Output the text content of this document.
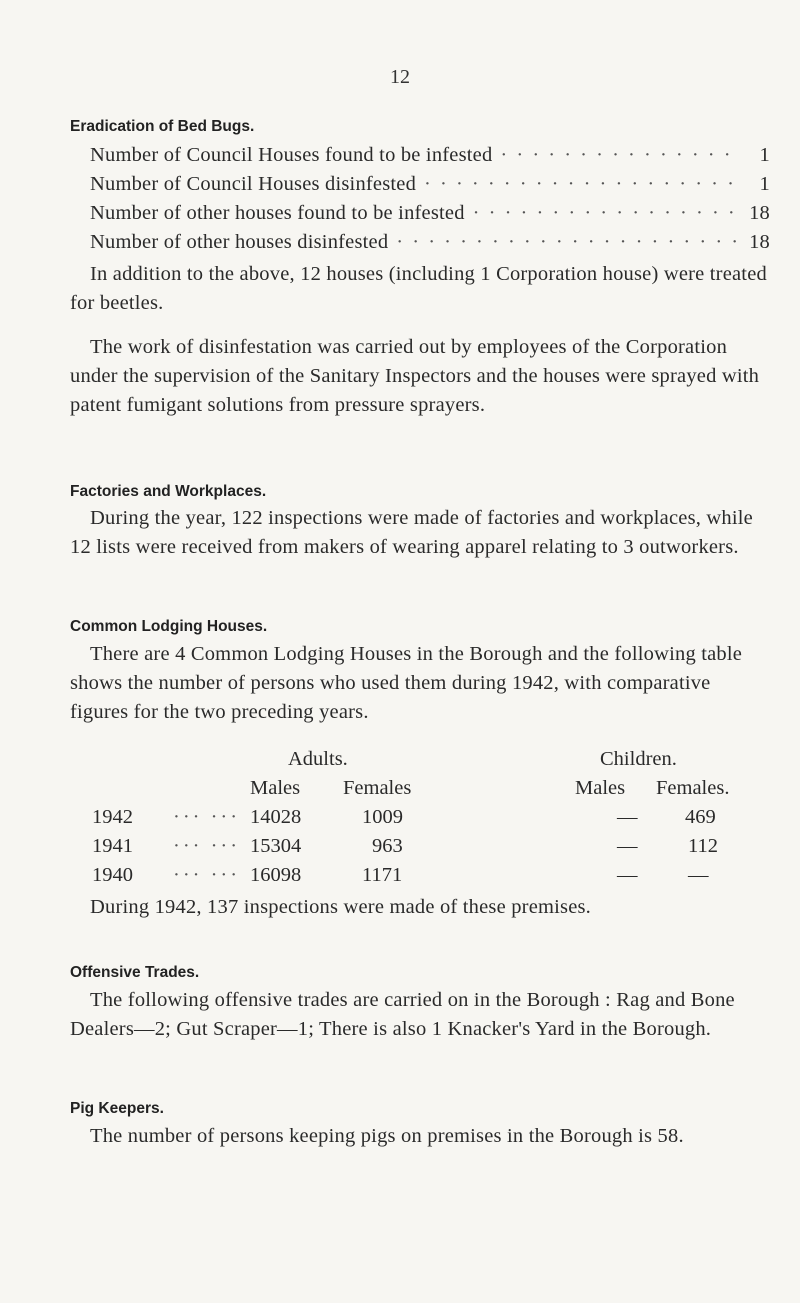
12
Eradication of Bed Bugs.
Number of Council Houses found to be infested · · ·	1
Number of Council Houses disinfested · · ·	1
Number of other houses found to be infested · · ·	18
Number of other houses disinfested · · ·	18
In addition to the above, 12 houses (including 1 Corporation house) were treated for beetles.
The work of disinfestation was carried out by employees of the Corporation under the supervision of the Sanitary Inspectors and the houses were sprayed with patent fumigant solutions from pressure sprayers.
Factories and Workplaces.
During the year, 122 inspections were made of factories and workplaces, while 12 lists were received from makers of wearing apparel relating to 3 outworkers.
Common Lodging Houses.
There are 4 Common Lodging Houses in the Borough and the following table shows the number of persons who used them during 1942, with comparative figures for the two preceding years.
Adults.	Children.
Males Females	Males Females.
1942 ··· ··· 14028	1009	— 469
1941 ··· ··· 15304	963	— 112
1940 ··· ··· 16098	1171	— —
During 1942, 137 inspections were made of these premises.
Offensive Trades.
The following offensive trades are carried on in the Borough : Rag and Bone Dealers—2; Gut Scraper—1; There is also 1 Knacker's Yard in the Borough.
Pig Keepers.
The number of persons keeping pigs on premises in the Borough is 58.
